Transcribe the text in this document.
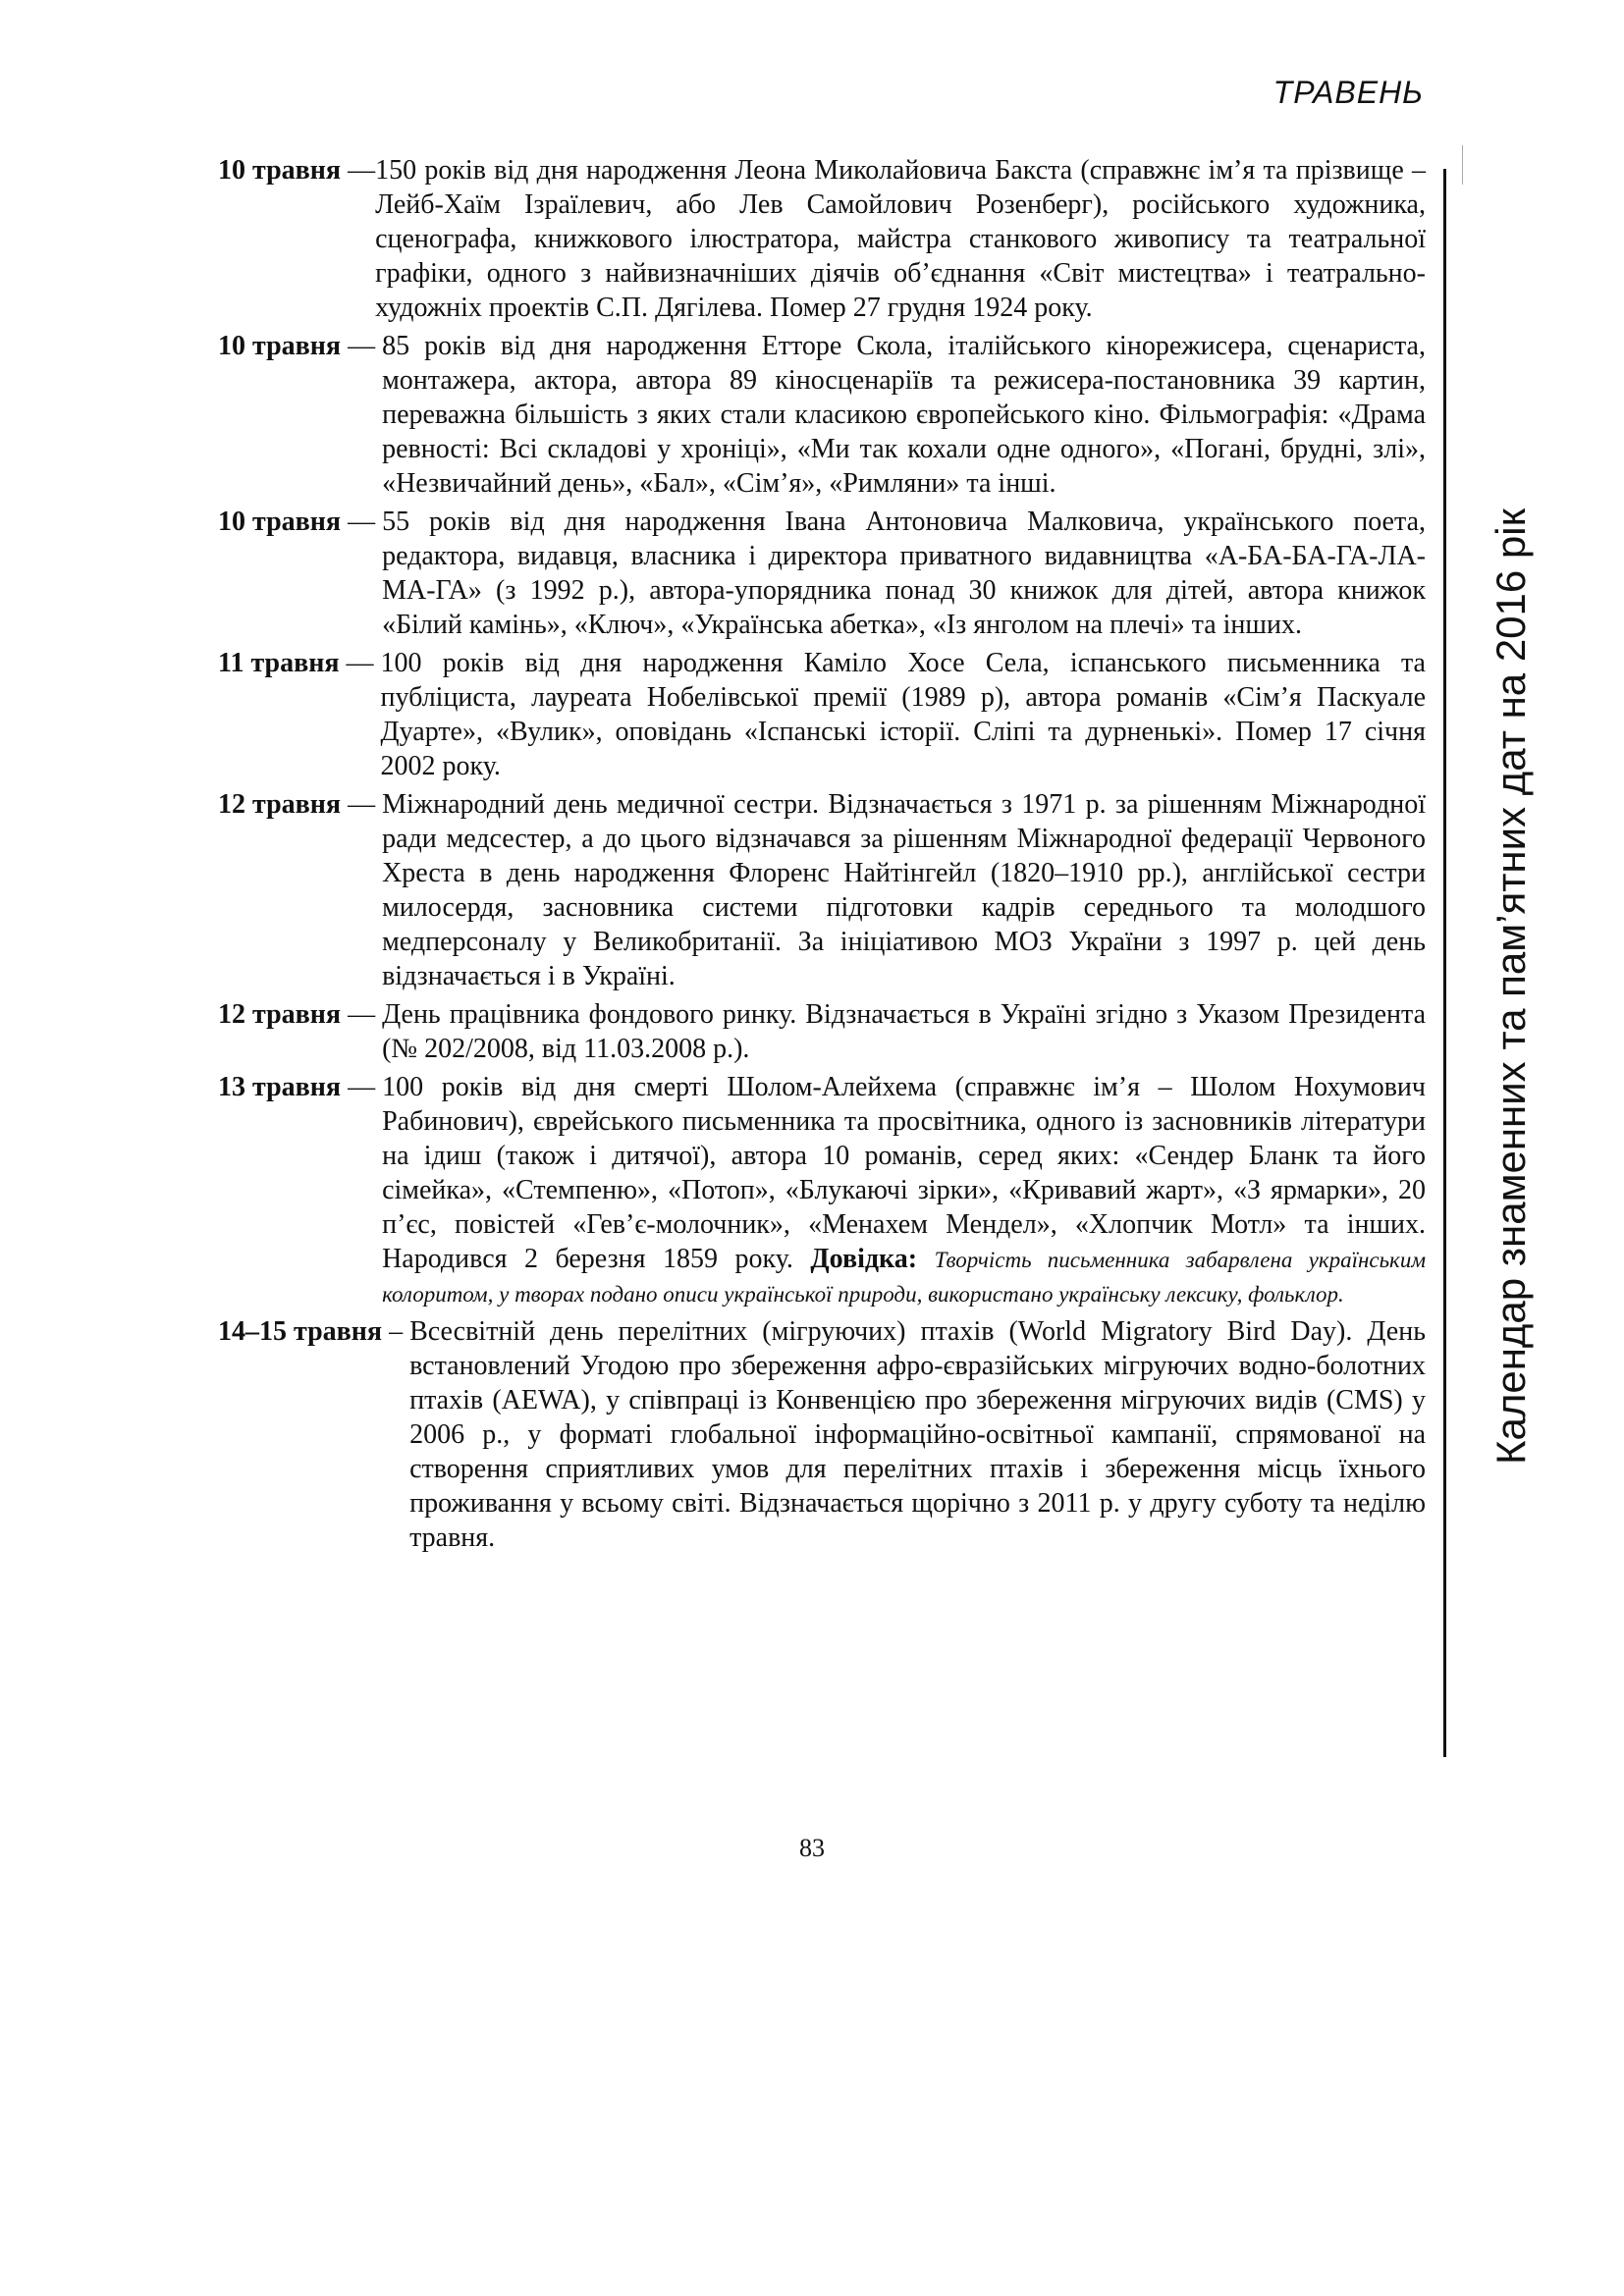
ТРАВЕНЬ
Календар знаменних та пам’ятних дат на 2016 рік
10 травня — 150 років від дня народження Леона Миколайовича Бакста (справжнє ім’я та прізвище – Лейб-Хаїм Ізраїлевич, або Лев Самойлович Розенберг), російського художника, сценографа, книжкового ілюстратора, майстра станкового живопису та театральної графіки, одного з найвизначніших діячів об’єднання «Світ мистецтва» і театрально-художніх проектів С.П. Дягілева. Помер 27 грудня 1924 року.
10 травня — 85 років від дня народження Етторе Скола, італійського кінорежисера, сценариста, монтажера, актора, автора 89 кіносценаріїв та режисера-постановника 39 картин, переважна більшість з яких стали класикою європейського кіно. Фільмографія: «Драма ревності: Всі складові у хроніці», «Ми так кохали одне одного», «Погані, брудні, злі», «Незвичайний день», «Бал», «Сім’я», «Римляни» та інші.
10 травня — 55 років від дня народження Івана Антоновича Малковича, українського поета, редактора, видавця, власника і директора приватного видавництва «А-БА-БА-ГА-ЛА-МА-ГА» (з 1992 р.), автора-упорядника понад 30 книжок для дітей, автора книжок «Білий камінь», «Ключ», «Українська абетка», «Із янголом на плечі» та інших.
11 травня — 100 років від дня народження Каміло Хосе Села, іспанського письменника та публіциста, лауреата Нобелівської премії (1989 р), автора романів «Сім’я Паскуале Дуарте», «Вулик», оповідань «Іспанські історії. Сліпі та дурненькі». Помер 17 січня 2002 року.
12 травня — Міжнародний день медичної сестри. Відзначається з 1971 р. за рішенням Міжнародної ради медсестер, а до цього відзначався за рішенням Міжнародної федерації Червоного Хреста в день народження Флоренс Найтінгейл (1820–1910 рр.), англійської сестри милосердя, засновника системи підготовки кадрів середнього та молодшого медперсоналу у Великобританії. За ініціативою МОЗ України з 1997 р. цей день відзначається і в Україні.
12 травня — День працівника фондового ринку. Відзначається в Україні згідно з Указом Президента (№ 202/2008, від 11.03.2008 р.).
13 травня — 100 років від дня смерті Шолом-Алейхема (справжнє ім’я – Шолом Нохумович Рабинович), єврейського письменника та просвітника, одного із засновників літератури на ідиш (також і дитячої), автора 10 романів, серед яких: «Сендер Бланк та його сімейка», «Стемпеню», «Потоп», «Блукаючі зірки», «Кривавий жарт», «З ярмарки», 20 п’єс, повістей «Гев’є-молочник», «Менахем Мендел», «Хлопчик Мотл» та інших. Народився 2 березня 1859 року. Довідка: Творчість письменника забарвлена українським колоритом, у творах подано описи української природи, використано українську лексику, фольклор.
14–15 травня – Всесвітній день перелітних (мігруючих) птахів (World Migratory Bird Day). День встановлений Угодою про збереження афро-євразійських мігруючих водно-болотних птахів (AEWA), у співпраці із Конвенцією про збереження мігруючих видів (CMS) у 2006 р., у форматі глобальної інформаційно-освітньої кампанії, спрямованої на створення сприятливих умов для перелітних птахів і збереження місць їхнього проживання у всьому світі. Відзначається щорічно з 2011 р. у другу суботу та неділю травня.
83
